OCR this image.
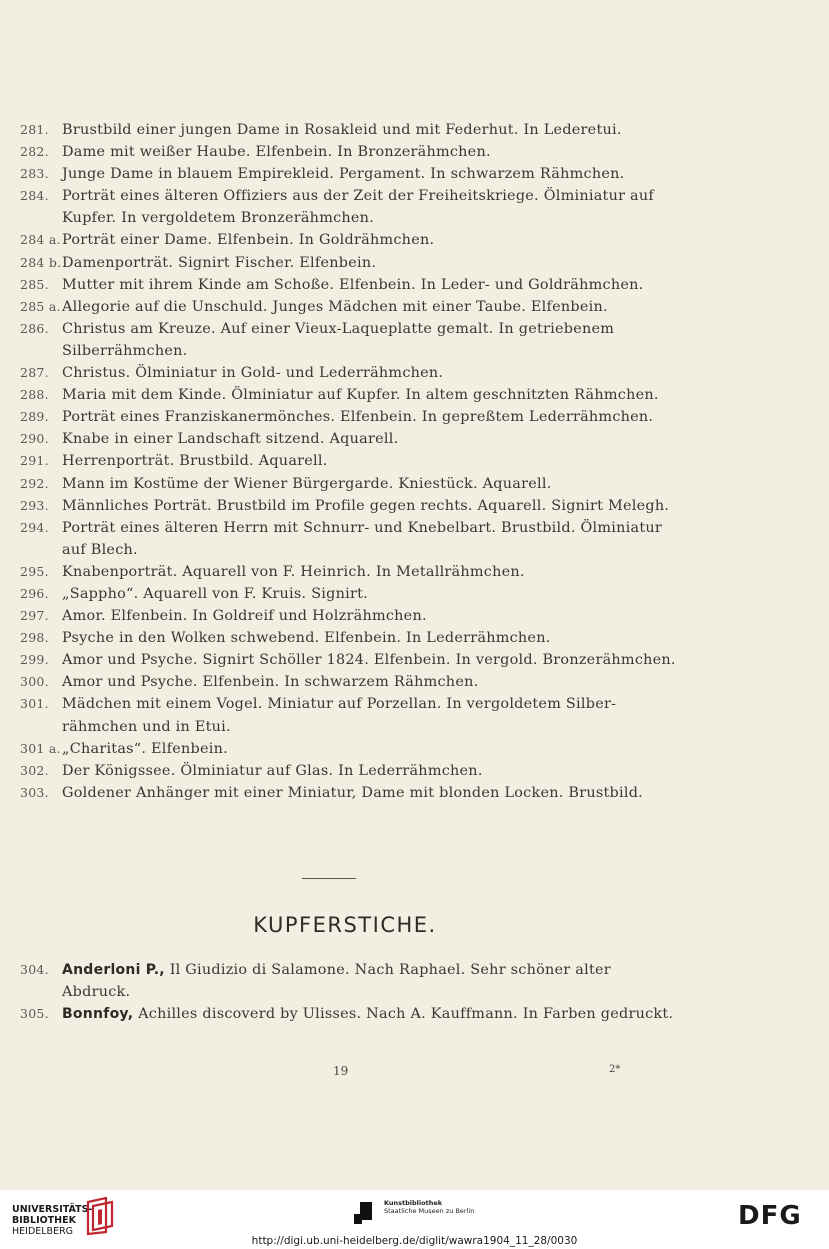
281. Brustbild einer jungen Dame in Rosakleid und mit Federhut. In Lederetui.
282. Dame mit weißer Haube. Elfenbein. In Bronzerähmchen.
283. Junge Dame in blauem Empirekleid. Pergament. In schwarzem Rähmchen.
284. Porträt eines älteren Offiziers aus der Zeit der Freiheitskriege. Ölminiatur auf
Kupfer. In vergoldetem Bronzerähmchen.
284 a. Porträt einer Dame. Elfenbein. In Goldrähmchen.
284 b. Damenporträt. Signirt Fischer. Elfenbein.
285. Mutter mit ihrem Kinde am Schoße. Elfenbein. In Leder- und Goldrähmchen.
285 a. Allegorie auf die Unschuld. Junges Mädchen mit einer Taube. Elfenbein.
286. Christus am Kreuze. Auf einer Vieux-Laqueplatte gemalt. In getriebenem
Silberrähmchen.
287. Christus. Ölminiatur in Gold- und Lederrähmchen.
288. Maria mit dem Kinde. Ölminiatur auf Kupfer. In altem geschnitzten Rähmchen.
289. Porträt eines Franziskanermönches. Elfenbein. In gepreßtem Lederrähmchen.
290. Knabe in einer Landschaft sitzend. Aquarell.
291. Herrenporträt. Brustbild. Aquarell.
292. Mann im Kostüme der Wiener Bürgergarde. Kniestück. Aquarell.
293. Männliches Porträt. Brustbild im Profile gegen rechts. Aquarell. Signirt Melegh.
294. Porträt eines älteren Herrn mit Schnurr- und Knebelbart. Brustbild. Ölminiatur
auf Blech.
295. Knabenporträt. Aquarell von F. Heinrich. In Metallrähmchen.
296. „Sappho“. Aquarell von F. Kruis. Signirt.
297. Amor. Elfenbein. In Goldreif und Holzrähmchen.
298. Psyche in den Wolken schwebend. Elfenbein. In Lederrähmchen.
299. Amor und Psyche. Signirt Schöller 1824. Elfenbein. In vergold. Bronzerähmchen.
300. Amor und Psyche. Elfenbein. In schwarzem Rähmchen.
301. Mädchen mit einem Vogel. Miniatur auf Porzellan. In vergoldetem Silber-
rähmchen und in Etui.
301 a. „Charitas“. Elfenbein.
302. Der Königssee. Ölminiatur auf Glas. In Lederrähmchen.
303. Goldener Anhänger mit einer Miniatur, Dame mit blonden Locken. Brustbild.
KUPFERSTICHE.
304. Anderloni P., Il Giudizio di Salamone. Nach Raphael. Sehr schöner alter
Abdruck.
305. Bonnfoy, Achilles discoverd by Ulisses. Nach A. Kauffmann. In Farben gedruckt.
19	2*
UNIVERSITÄTS-
BIBLIOTHEK
HEIDELBERG
Kunstbibliothek
Staatliche Museen zu Berlin	DFG
http://digi.ub.uni-heidelberg.de/diglit/wawra1904_11_28/0030
